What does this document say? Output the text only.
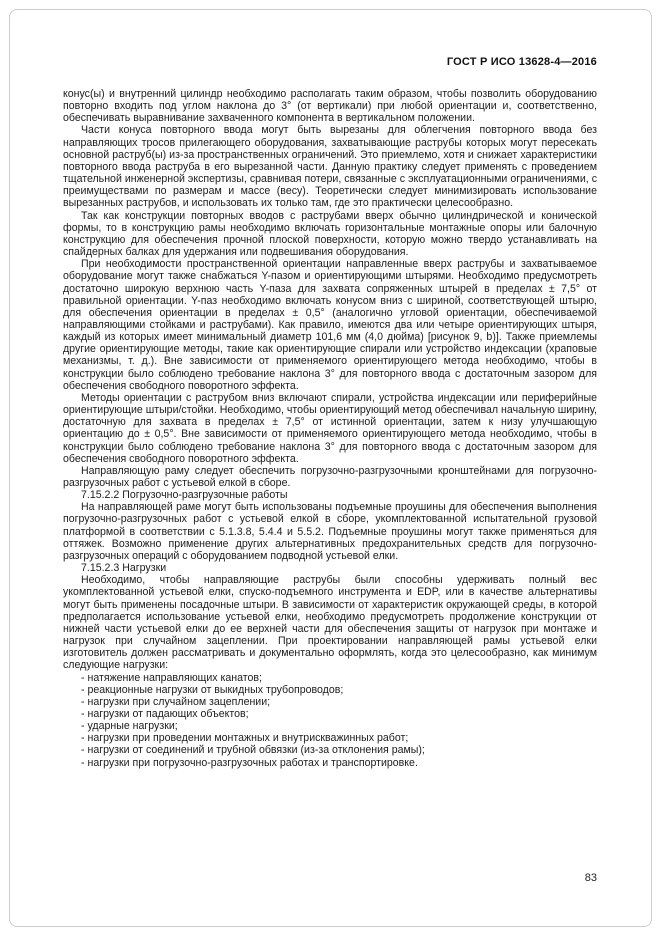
ГОСТ Р ИСО 13628-4—2016

конус(ы) и внутренний цилиндр необходимо располагать таким образом, чтобы позволить оборудованию повторно входить под углом наклона до 3° (от вертикали) при любой ориентации и, соответственно, обеспечивать выравнивание захваченного компонента в вертикальном положении.

Части конуса повторного ввода могут быть вырезаны для облегчения повторного ввода без направляющих тросов прилегающего оборудования, захватывающие раструбы которых могут пересекать основной раструб(ы) из-за пространственных ограничений. Это приемлемо, хотя и снижает характеристики повторного ввода раструба в его вырезанной части. Данную практику следует применять с проведением тщательной инженерной экспертизы, сравнивая потери, связанные с эксплуатационными ограничениями, с преимуществами по размерам и массе (весу). Теоретически следует минимизировать использование вырезанных раструбов, и использовать их только там, где это практически целесообразно.

Так как конструкции повторных вводов с раструбами вверх обычно цилиндрической и конической формы, то в конструкцию рамы необходимо включать горизонтальные монтажные опоры или балочную конструкцию для обеспечения прочной плоской поверхности, которую можно твердо устанавливать на спайдерных балках для удержания или подвешивания оборудования.

При необходимости пространственной ориентации направленные вверх раструбы и захватываемое оборудование могут также снабжаться Y-пазом и ориентирующими штырями. Необходимо предусмотреть достаточно широкую верхнюю часть Y-паза для захвата сопряженных штырей в пределах ± 7,5° от правильной ориентации. Y-паз необходимо включать конусом вниз с шириной, соответствующей штырю, для обеспечения ориентации в пределах ± 0,5° (аналогично угловой ориентации, обеспечиваемой направляющими стойками и раструбами). Как правило, имеются два или четыре ориентирующих штыря, каждый из которых имеет минимальный диаметр 101,6 мм (4,0 дюйма) [рисунок 9, b)]. Также приемлемы другие ориентирующие методы, такие как ориентирующие спирали или устройство индексации (храповые механизмы, т. д.). Вне зависимости от применяемого ориентирующего метода необходимо, чтобы в конструкции было соблюдено требование наклона 3° для повторного ввода с достаточным зазором для обеспечения свободного поворотного эффекта.

Методы ориентации с раструбом вниз включают спирали, устройства индексации или периферийные ориентирующие штыри/стойки. Необходимо, чтобы ориентирующий метод обеспечивал начальную ширину, достаточную для захвата в пределах ± 7,5° от истинной ориентации, затем к низу улучшающую ориентацию до ± 0,5°. Вне зависимости от применяемого ориентирующего метода необходимо, чтобы в конструкции было соблюдено требование наклона 3° для повторного ввода с достаточным зазором для обеспечения свободного поворотного эффекта.

Направляющую раму следует обеспечить погрузочно-разгрузочными кронштейнами для погрузочно-разгрузочных работ с устьевой елкой в сборе.

7.15.2.2 Погрузочно-разгрузочные работы

На направляющей раме могут быть использованы подъемные проушины для обеспечения выполнения погрузочно-разгрузочных работ с устьевой елкой в сборе, укомплектованной испытательной грузовой платформой в соответствии с 5.1.3.8, 5.4.4 и 5.5.2. Подъемные проушины могут также применяться для оттяжек. Возможно применение других альтернативных предохранительных средств для погрузочно-разгрузочных операций с оборудованием подводной устьевой елки.

7.15.2.3 Нагрузки

Необходимо, чтобы направляющие раструбы были способны удерживать полный вес укомплектованной устьевой елки, спуско-подъемного инструмента и EDP, или в качестве альтернативы могут быть применены посадочные штыри. В зависимости от характеристик окружающей среды, в которой предполагается использование устьевой елки, необходимо предусмотреть продолжение конструкции от нижней части устьевой елки до ее верхней части для обеспечения защиты от нагрузок при монтаже и нагрузок при случайном зацеплении. При проектировании направляющей рамы устьевой елки изготовитель должен рассматривать и документально оформлять, когда это целесообразно, как минимум следующие нагрузки:

- натяжение направляющих канатов;

- реакционные нагрузки от выкидных трубопроводов;

- нагрузки при случайном зацеплении;

- нагрузки от падающих объектов;

- ударные нагрузки;

- нагрузки при проведении монтажных и внутрискважинных работ;

- нагрузки от соединений и трубной обвязки (из-за отклонения рамы);

- нагрузки при погрузочно-разгрузочных работах и транспортировке.

83
